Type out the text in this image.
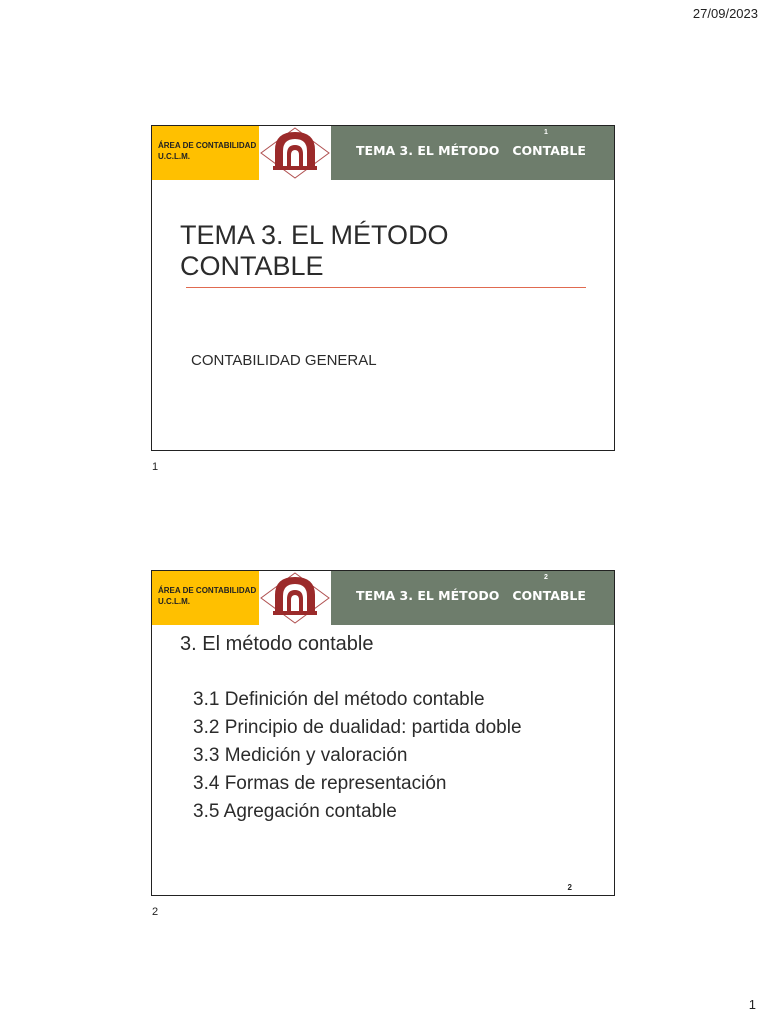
27/09/2023
ÁREA DE CONTABILIDAD
U.C.L.M.
1
TEMA 3. EL MÉTODO   CONTABLE
TEMA 3. EL MÉTODO CONTABLE
CONTABILIDAD GENERAL
1
ÁREA DE CONTABILIDAD
U.C.L.M.
2
TEMA 3. EL MÉTODO   CONTABLE
3. El método contable
3.1 Definición del método contable
3.2 Principio de dualidad: partida doble
3.3 Medición y valoración
3.4 Formas de representación
3.5 Agregación contable
2
2
1
